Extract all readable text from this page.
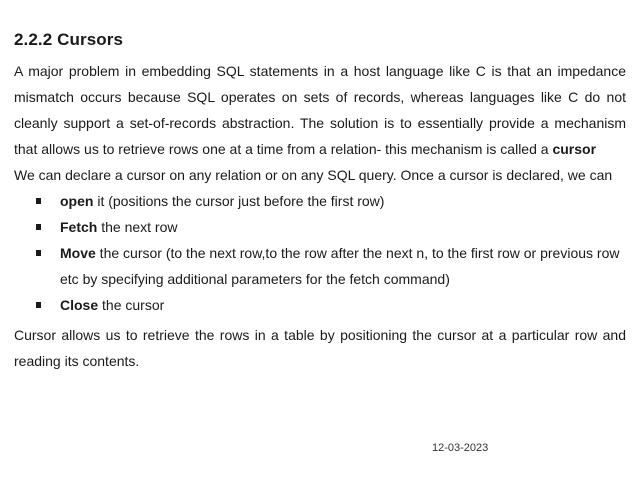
2.2.2 Cursors

A major problem in embedding SQL statements in a host language like C is that an impedance mismatch occurs because SQL operates on sets of records, whereas languages like C do not cleanly support a set-of-records abstraction. The solution is to essentially provide a mechanism that allows us to retrieve rows one at a time from a relation- this mechanism is called a cursor

We can declare a cursor on any relation or on any SQL query. Once a cursor is declared, we can

open it (positions the cursor just before the first row)
Fetch the next row
Move the cursor (to the next row,to the row after the next n, to the first row or previous row etc by specifying additional parameters for the fetch command)
Close the cursor

Cursor allows us to retrieve the rows in a table by positioning the cursor at a particular row and reading its contents.

12-03-2023
